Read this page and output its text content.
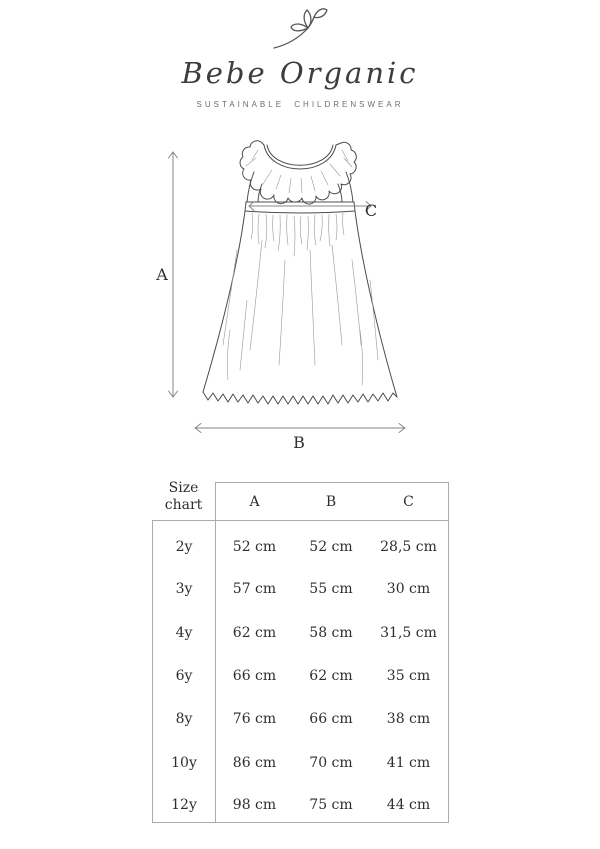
Bebe Organic
SUSTAINABLE CHILDRENSWEAR
A
B
C
Size chart	A	B	C
2y	52 cm	52 cm	28,5 cm
3y	57 cm	55 cm	30 cm
4y	62 cm	58 cm	31,5 cm
6y	66 cm	62 cm	35 cm
8y	76 cm	66 cm	38 cm
10y	86 cm	70 cm	41 cm
12y	98 cm	75 cm	44 cm
